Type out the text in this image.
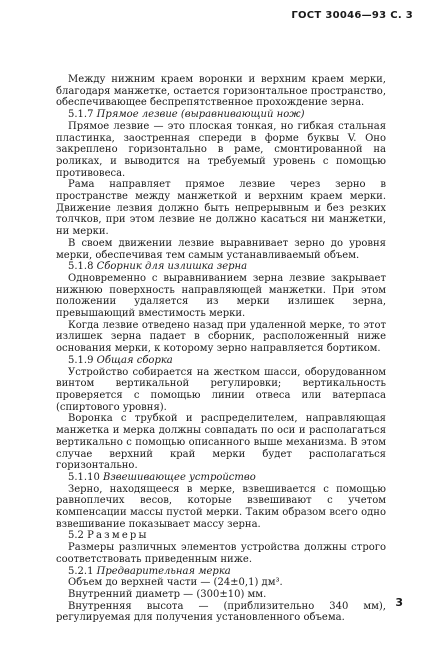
ГОСТ 30046—93 С. 3

Между нижним краем воронки и верхним краем мерки, благодаря манжетке, остается горизонтальное пространство, обеспечивающее беспрепятственное прохождение зерна.

5.1.7 Прямое лезвие (выравнивающий нож)

Прямое лезвие — это плоская тонкая, но гибкая стальная пластинка, заостренная спереди в форме буквы V. Оно закреплено горизонтально в раме, смонтированной на роликах, и выводится на требуемый уровень с помощью противовеса.

Рама направляет прямое лезвие через зерно в пространстве между манжеткой и верхним краем мерки. Движение лезвия должно быть непрерывным и без резких толчков, при этом лезвие не должно касаться ни манжетки, ни мерки.

В своем движении лезвие выравнивает зерно до уровня мерки, обеспечивая тем самым устанавливаемый объем.

5.1.8 Сборник для излишка зерна

Одновременно с выравниванием зерна лезвие закрывает нижнюю поверхность направляющей манжетки. При этом положении удаляется из мерки излишек зерна, превышающий вместимость мерки.

Когда лезвие отведено назад при удаленной мерке, то этот излишек зерна падает в сборник, расположенный ниже основания мерки, к которому зерно направляется бортиком.

5.1.9 Общая сборка

Устройство собирается на жестком шасси, оборудованном винтом вертикальной регулировки; вертикальность проверяется с помощью линии отвеса или ватерпаса (спиртового уровня).

Воронка с трубкой и распределителем, направляющая манжетка и мерка должны совпадать по оси и располагаться вертикально с помощью описанного выше механизма. В этом случае верхний край мерки будет располагаться горизонтально.

5.1.10 Взвешивающее устройство

Зерно, находящееся в мерке, взвешивается с помощью равноплечих весов, которые взвешивают с учетом компенсации массы пустой мерки. Таким образом всего одно взвешивание показывает массу зерна.

5.2 Размеры

Размеры различных элементов устройства должны строго соответствовать приведенным ниже.

5.2.1 Предварительная мерка

Объем до верхней части — (24±0,1) дм³.

Внутренний диаметр — (300±10) мм.

Внутренняя высота — (приблизительно 340 мм), регулируемая для получения установленного объема.

3
